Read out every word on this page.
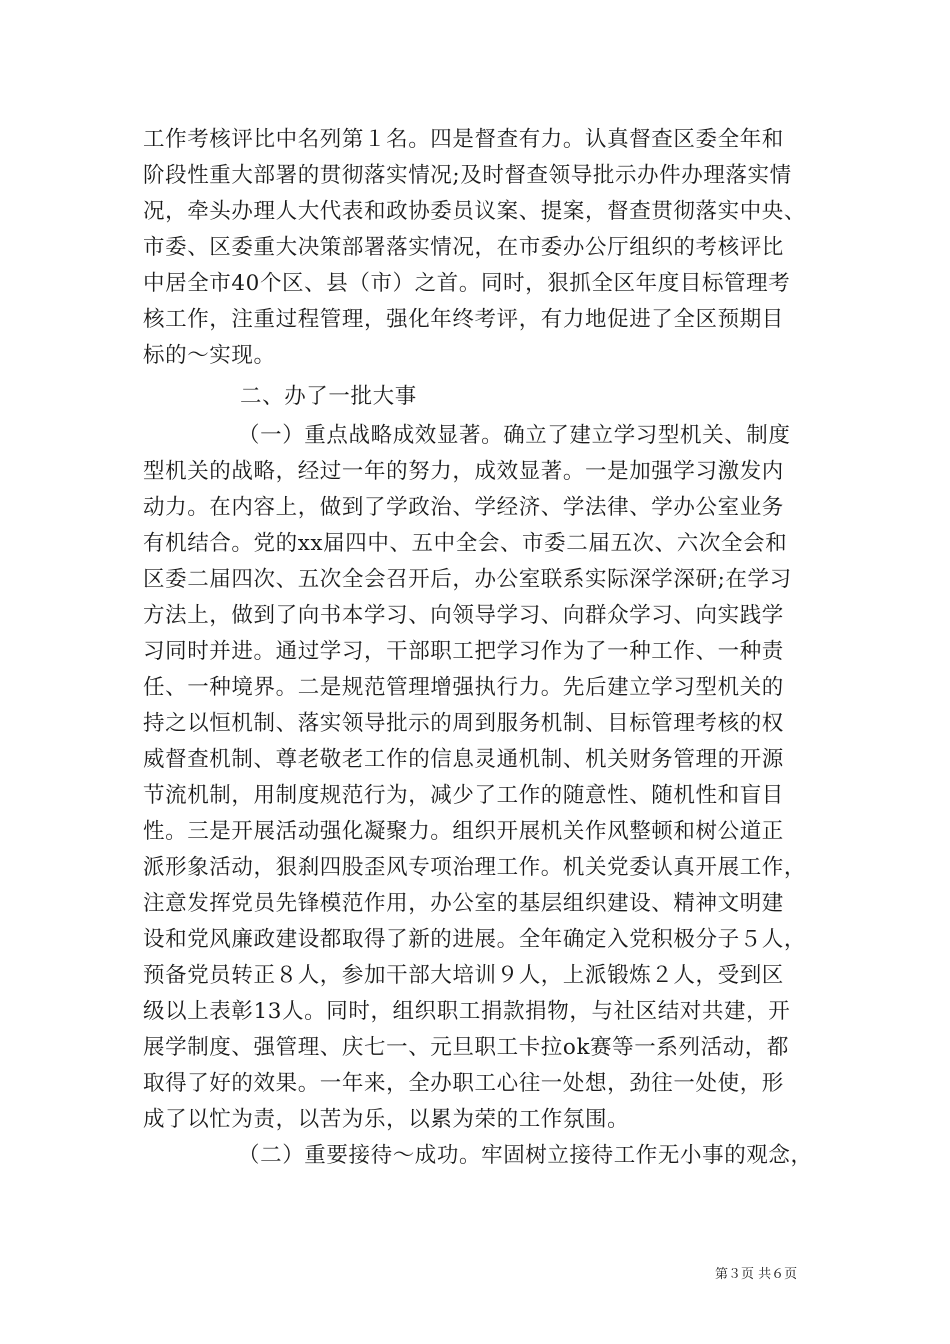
工作考核评比中名列第１名。四是督查有力。认真督查区委全年和
阶段性重大部署的贯彻落实情况;及时督查领导批示办件办理落实情
况，牵头办理人大代表和政协委员议案、提案，督查贯彻落实中央、
市委、区委重大决策部署落实情况，在市委办公厅组织的考核评比
中居全市40个区、县（市）之首。同时，狠抓全区年度目标管理考
核工作，注重过程管理，强化年终考评，有力地促进了全区预期目
标的～实现。
二、办了一批大事
（一）重点战略成效显著。确立了建立学习型机关、制度
型机关的战略，经过一年的努力，成效显著。一是加强学习激发内
动力。在内容上，做到了学政治、学经济、学法律、学办公室业务
有机结合。党的xx届四中、五中全会、市委二届五次、六次全会和
区委二届四次、五次全会召开后，办公室联系实际深学深研;在学习
方法上，做到了向书本学习、向领导学习、向群众学习、向实践学
习同时并进。通过学习，干部职工把学习作为了一种工作、一种责
任、一种境界。二是规范管理增强执行力。先后建立学习型机关的
持之以恒机制、落实领导批示的周到服务机制、目标管理考核的权
威督查机制、尊老敬老工作的信息灵通机制、机关财务管理的开源
节流机制，用制度规范行为，减少了工作的随意性、随机性和盲目
性。三是开展活动强化凝聚力。组织开展机关作风整顿和树公道正
派形象活动，狠刹四股歪风专项治理工作。机关党委认真开展工作，
注意发挥党员先锋模范作用，办公室的基层组织建设、精神文明建
设和党风廉政建设都取得了新的进展。全年确定入党积极分子５人，
预备党员转正８人，参加干部大培训９人，上派锻炼２人，受到区
级以上表彰13人。同时，组织职工捐款捐物，与社区结对共建，开
展学制度、强管理、庆七一、元旦职工卡拉ok赛等一系列活动，都
取得了好的效果。一年来，全办职工心往一处想，劲往一处使，形
成了以忙为责，以苦为乐，以累为荣的工作氛围。
（二）重要接待～成功。牢固树立接待工作无小事的观念，
第３页 共６页
